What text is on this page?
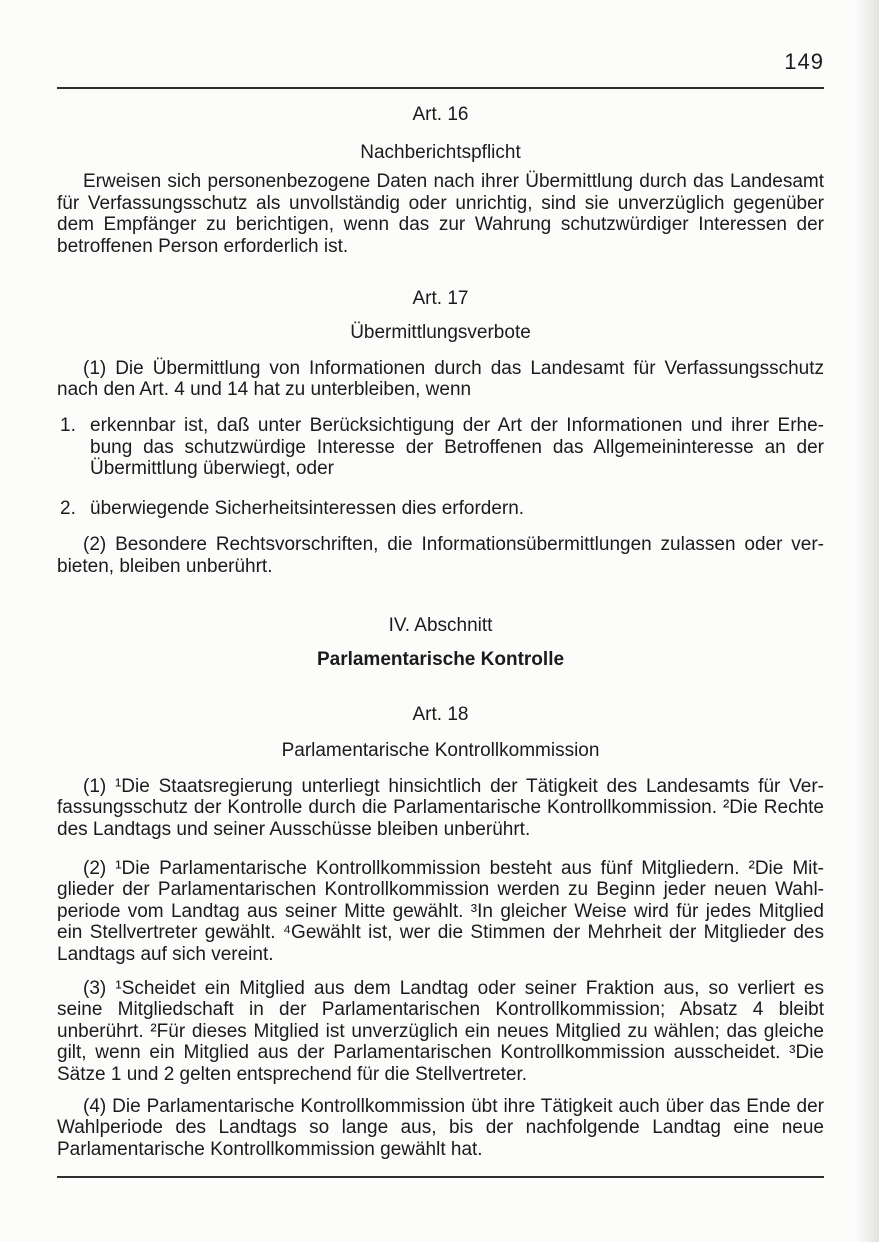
149
Art. 16
Nachberichtspflicht

Erweisen sich personenbezogene Daten nach ihrer Übermittlung durch das Landesamt für Verfassungsschutz als unvollständig oder unrichtig, sind sie unverzüglich gegenüber dem Empfänger zu berichtigen, wenn das zur Wahrung schutzwürdiger Interessen der betroffenen Person erforderlich ist.

Art. 17
Übermittlungsverbote

(1) Die Übermittlung von Informationen durch das Landesamt für Verfassungsschutz nach den Art. 4 und 14 hat zu unterbleiben, wenn

1. erkennbar ist, daß unter Berücksichtigung der Art der Informationen und ihrer Erhebung das schutzwürdige Interesse der Betroffenen das Allgemeininteresse an der Übermittlung überwiegt, oder
2. überwiegende Sicherheitsinteressen dies erfordern.

(2) Besondere Rechtsvorschriften, die Informationsübermittlungen zulassen oder verbieten, bleiben unberührt.

IV. Abschnitt
Parlamentarische Kontrolle
Art. 18
Parlamentarische Kontrollkommission

(1) ¹Die Staatsregierung unterliegt hinsichtlich der Tätigkeit des Landesamts für Verfassungsschutz der Kontrolle durch die Parlamentarische Kontrollkommission. ²Die Rechte des Landtags und seiner Ausschüsse bleiben unberührt.

(2) ¹Die Parlamentarische Kontrollkommission besteht aus fünf Mitgliedern. ²Die Mitglieder der Parlamentarischen Kontrollkommission werden zu Beginn jeder neuen Wahlperiode vom Landtag aus seiner Mitte gewählt. ³In gleicher Weise wird für jedes Mitglied ein Stellvertreter gewählt. ⁴Gewählt ist, wer die Stimmen der Mehrheit der Mitglieder des Landtags auf sich vereint.

(3) ¹Scheidet ein Mitglied aus dem Landtag oder seiner Fraktion aus, so verliert es seine Mitgliedschaft in der Parlamentarischen Kontrollkommission; Absatz 4 bleibt unberührt. ²Für dieses Mitglied ist unverzüglich ein neues Mitglied zu wählen; das gleiche gilt, wenn ein Mitglied aus der Parlamentarischen Kontrollkommission ausscheidet. ³Die Sätze 1 und 2 gelten entsprechend für die Stellvertreter.

(4) Die Parlamentarische Kontrollkommission übt ihre Tätigkeit auch über das Ende der Wahlperiode des Landtags so lange aus, bis der nachfolgende Landtag eine neue Parlamentarische Kontrollkommission gewählt hat.
